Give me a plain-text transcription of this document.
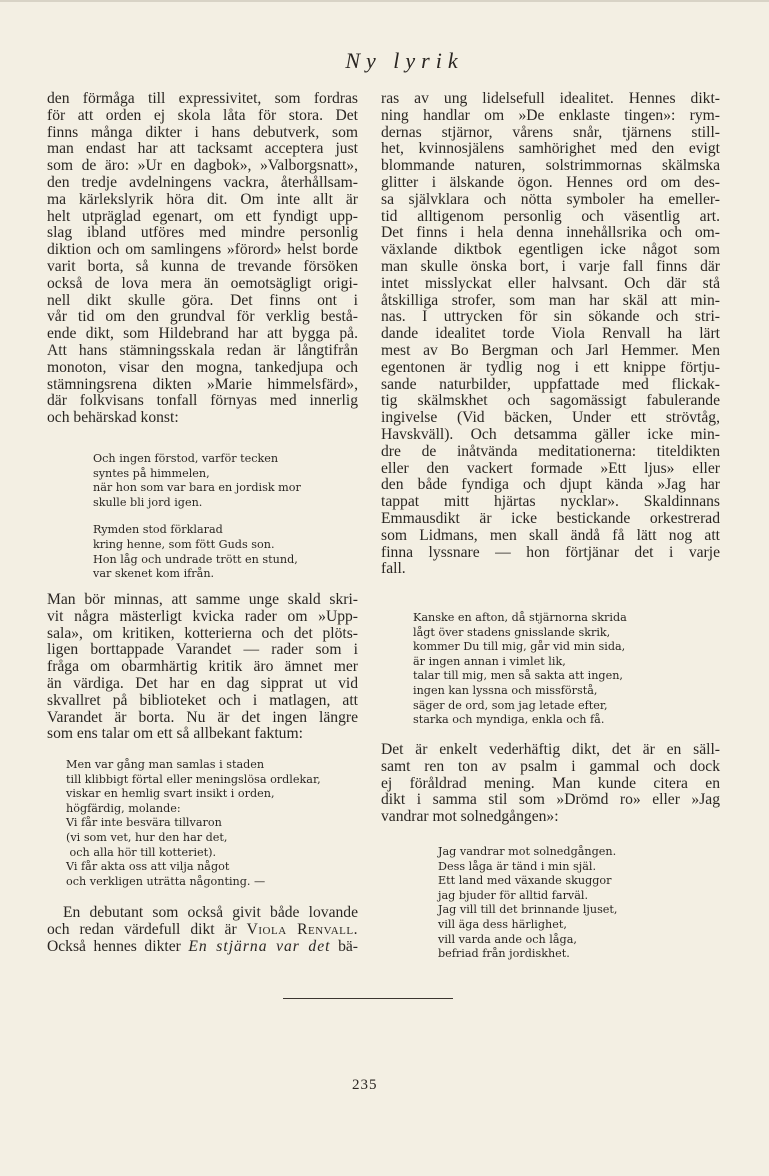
Ny lyrik
den förmåga till expressivitet, som fordras
för att orden ej skola låta för stora. Det
finns många dikter i hans debutverk, som
man endast har att tacksamt acceptera just
som de äro: »Ur en dagbok», »Valborgsnatt»,
den tredje avdelningens vackra, återhållsam-
ma kärlekslyrik höra dit. Om inte allt är
helt utpräglad egenart, om ett fyndigt upp-
slag ibland utföres med mindre personlig
diktion och om samlingens »förord» helst borde
varit borta, så kunna de trevande försöken
också de lova mera än oemotsägligt origi-
nell dikt skulle göra. Det finns ont i
vår tid om den grundval för verklig bestå-
ende dikt, som Hildebrand har att bygga på.
Att hans stämningsskala redan är långtifrån
monoton, visar den mogna, tankedjupa och
stämningsrena dikten »Marie himmelsfärd»,
där folkvisans tonfall förnyas med innerlig
och behärskad konst:
Och ingen förstod, varför tecken
syntes på himmelen,
när hon som var bara en jordisk mor
skulle bli jord igen.
Rymden stod förklarad
kring henne, som fött Guds son.
Hon låg och undrade trött en stund,
var skenet kom ifrån.
Man bör minnas, att samme unge skald skri-
vit några mästerligt kvicka rader om »Upp-
sala», om kritiken, kotterierna och det plöts-
ligen borttappade Varandet — rader som i
fråga om obarmhärtig kritik äro ämnet mer
än värdiga. Det har en dag sipprat ut vid
skvallret på biblioteket och i matlagen, att
Varandet är borta. Nu är det ingen längre
som ens talar om ett så allbekant faktum:
Men var gång man samlas i staden
till klibbigt förtal eller meningslösa ordlekar,
viskar en hemlig svart insikt i orden,
högfärdig, molande:
Vi får inte besvära tillvaron
(vi som vet, hur den har det,
och alla hör till kotteriet).
Vi får akta oss att vilja något
och verkligen uträtta någonting. —
En debutant som också givit både lovande
och redan värdefull dikt är Viola Renvall.
Också hennes dikter En stjärna var det bä-
ras av ung lidelsefull idealitet. Hennes dikt-
ning handlar om »De enklaste tingen»: rym-
dernas stjärnor, vårens snår, tjärnens still-
het, kvinnosjälens samhörighet med den evigt
blommande naturen, solstrimmornas skälmska
glitter i älskande ögon. Hennes ord om des-
sa självklara och nötta symboler ha emeller-
tid alltigenom personlig och väsentlig art.
Det finns i hela denna innehållsrika och om-
växlande diktbok egentligen icke något som
man skulle önska bort, i varje fall finns där
intet misslyckat eller halvsant. Och där stå
åtskilliga strofer, som man har skäl att min-
nas. I uttrycken för sin sökande och stri-
dande idealitet torde Viola Renvall ha lärt
mest av Bo Bergman och Jarl Hemmer. Men
egentonen är tydlig nog i ett knippe förtju-
sande naturbilder, uppfattade med flickak-
tig skälmskhet och sagomässigt fabulerande
ingivelse (Vid bäcken, Under ett strövtåg,
Havskväll). Och detsamma gäller icke min-
dre de inåtvända meditationerna: titeldikten
eller den vackert formade »Ett ljus» eller
den både fyndiga och djupt kända »Jag har
tappat mitt hjärtas nycklar». Skaldinnans
Emmausdikt är icke bestickande orkestrerad
som Lidmans, men skall ändå få lätt nog att
finna lyssnare — hon förtjänar det i varje
fall.
Kanske en afton, då stjärnorna skrida
lågt över stadens gnisslande skrik,
kommer Du till mig, går vid min sida,
är ingen annan i vimlet lik,
talar till mig, men så sakta att ingen,
ingen kan lyssna och missförstå,
säger de ord, som jag letade efter,
starka och myndiga, enkla och få.
Det är enkelt vederhäftig dikt, det är en säll-
samt ren ton av psalm i gammal och dock
ej föråldrad mening. Man kunde citera en
dikt i samma stil som »Drömd ro» eller »Jag
vandrar mot solnedgången»:
Jag vandrar mot solnedgången.
Dess låga är tänd i min själ.
Ett land med växande skuggor
jag bjuder för alltid farväl.
Jag vill till det brinnande ljuset,
vill äga dess härlighet,
vill varda ande och låga,
befriad från jordiskhet.
235
